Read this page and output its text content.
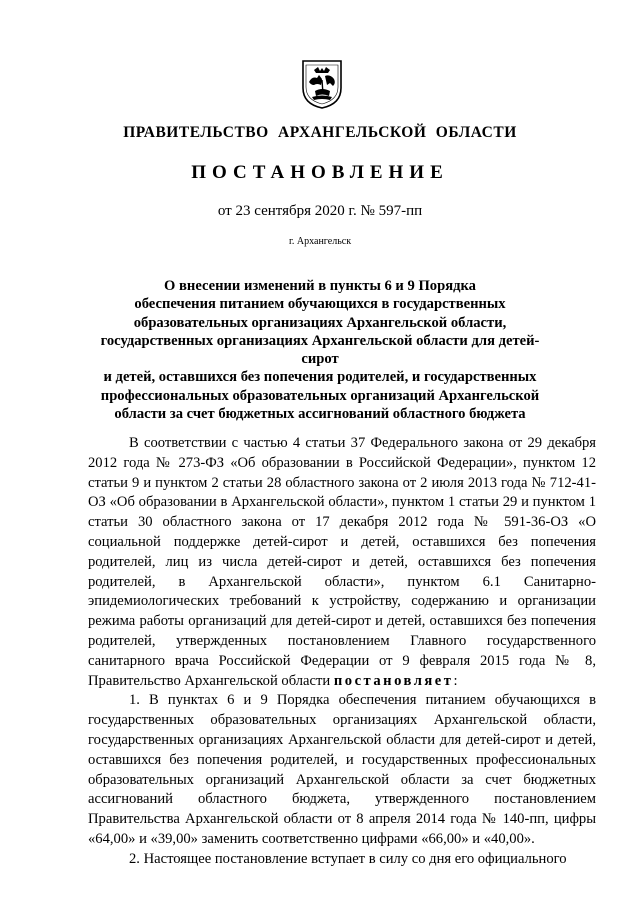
ПРАВИТЕЛЬСТВО АРХАНГЕЛЬСКОЙ ОБЛАСТИ
ПОСТАНОВЛЕНИЕ
от 23 сентября 2020 г. № 597-пп
г. Архангельск
О внесении изменений в пункты 6 и 9 Порядка
обеспечения питанием обучающихся в государственных
образовательных организациях Архангельской области,
государственных организациях Архангельской области для детей-сирот
и детей, оставшихся без попечения родителей, и государственных
профессиональных образовательных организаций Архангельской
области за счет бюджетных ассигнований областного бюджета

В соответствии с частью 4 статьи 37 Федерального закона от 29 декабря 2012 года № 273-ФЗ «Об образовании в Российской Федерации», пунктом 12 статьи 9 и пунктом 2 статьи 28 областного закона от 2 июля 2013 года № 712-41-ОЗ «Об образовании в Архангельской области», пунктом 1 статьи 29 и пунктом 1 статьи 30 областного закона от 17 декабря 2012 года № 591-36-ОЗ «О социальной поддержке детей-сирот и детей, оставшихся без попечения родителей, лиц из числа детей-сирот и детей, оставшихся без попечения родителей, в Архангельской области», пунктом 6.1 Санитарно-эпидемиологических требований к устройству, содержанию и организации режима работы организаций для детей-сирот и детей, оставшихся без попечения родителей, утвержденных постановлением Главного государственного санитарного врача Российской Федерации от 9 февраля 2015 года № 8, Правительство Архангельской области постановляет:

1. В пунктах 6 и 9 Порядка обеспечения питанием обучающихся в государственных образовательных организациях Архангельской области, государственных организациях Архангельской области для детей-сирот и детей, оставшихся без попечения родителей, и государственных профессиональных образовательных организаций Архангельской области за счет бюджетных ассигнований областного бюджета, утвержденного постановлением Правительства Архангельской области от 8 апреля 2014 года № 140-пп, цифры «64,00» и «39,00» заменить соответственно цифрами «66,00» и «40,00».

2. Настоящее постановление вступает в силу со дня его официального
